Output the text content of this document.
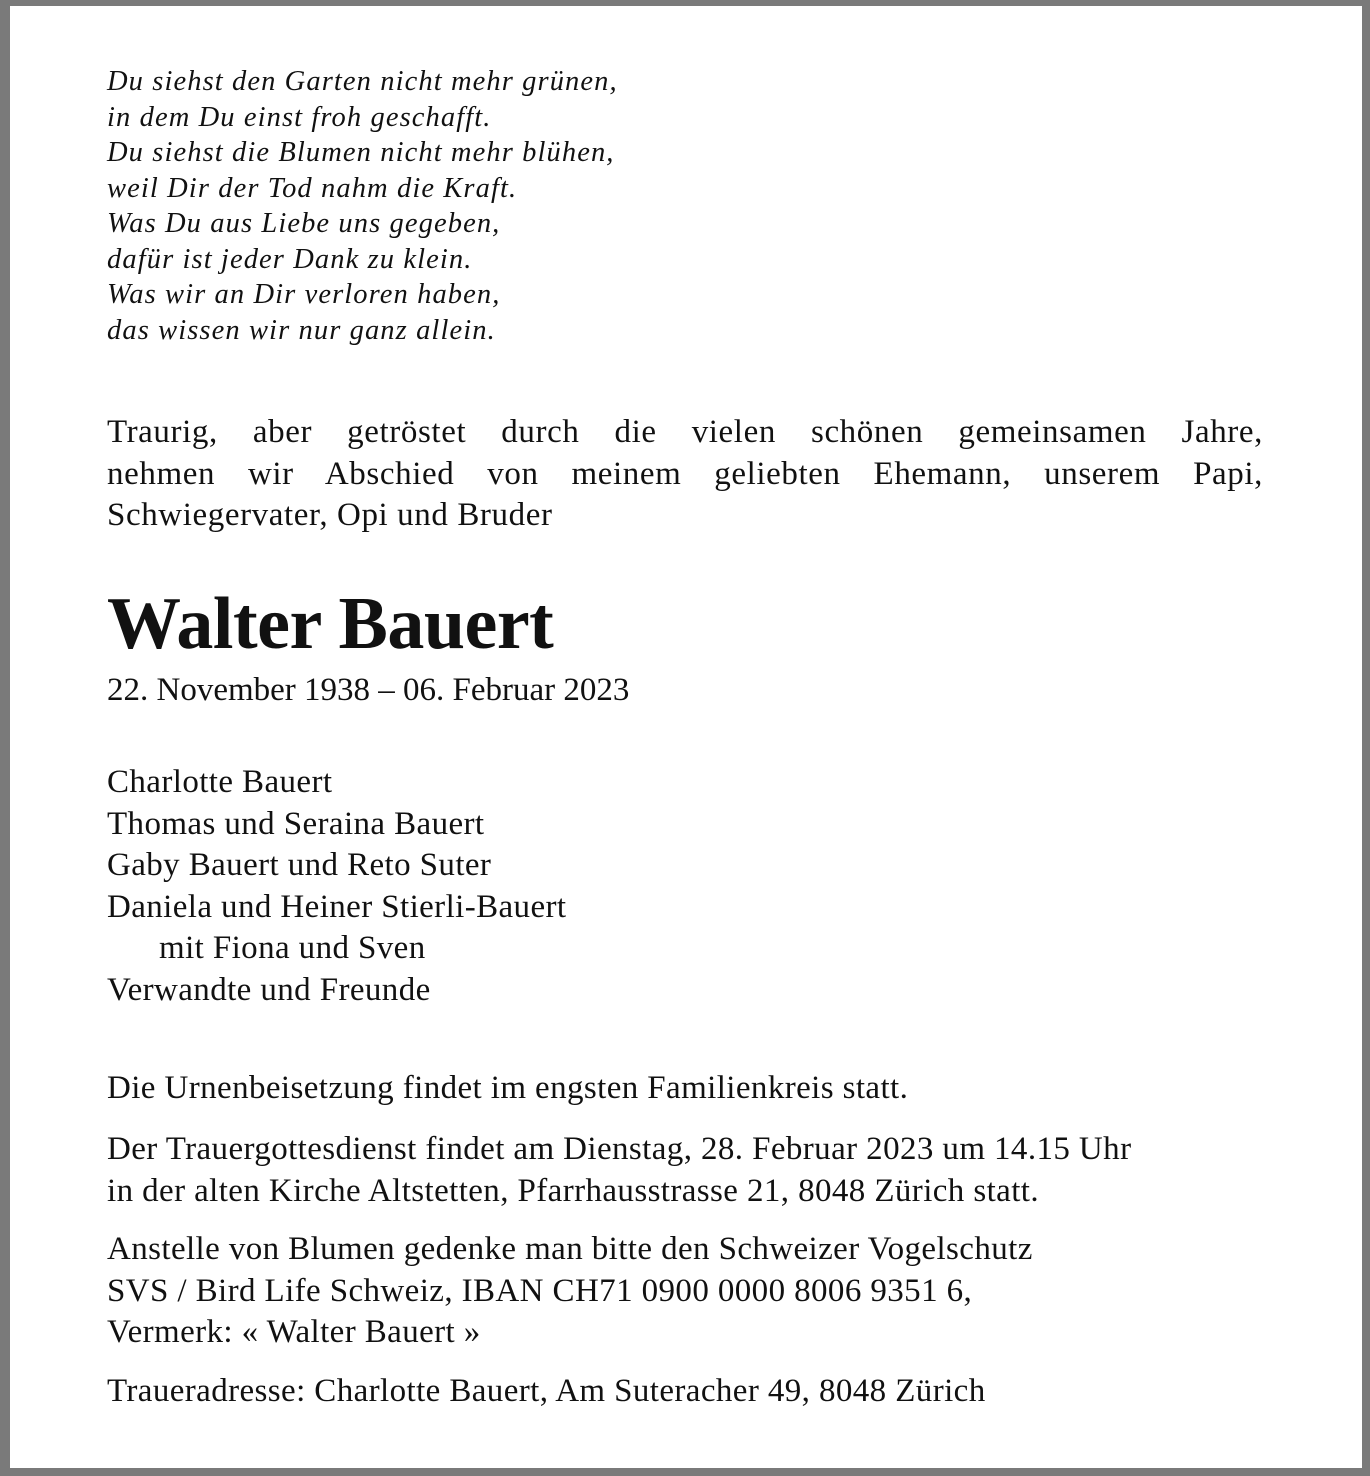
Du siehst den Garten nicht mehr grünen,
in dem Du einst froh geschafft.
Du siehst die Blumen nicht mehr blühen,
weil Dir der Tod nahm die Kraft.
Was Du aus Liebe uns gegeben,
dafür ist jeder Dank zu klein.
Was wir an Dir verloren haben,
das wissen wir nur ganz allein.
Traurig, aber getröstet durch die vielen schönen gemeinsamen Jahre,
nehmen wir Abschied von meinem geliebten Ehemann, unserem Papi,
Schwiegervater, Opi und Bruder
Walter Bauert
22. November 1938 – 06. Februar 2023
Charlotte Bauert
Thomas und Seraina Bauert
Gaby Bauert und Reto Suter
Daniela und Heiner Stierli-Bauert
mit Fiona und Sven
Verwandte und Freunde
Die Urnenbeisetzung findet im engsten Familienkreis statt.
Der Trauergottesdienst findet am Dienstag, 28. Februar 2023 um 14.15 Uhr
in der alten Kirche Altstetten, Pfarrhausstrasse 21, 8048 Zürich statt.
Anstelle von Blumen gedenke man bitte den Schweizer Vogelschutz
SVS / Bird Life Schweiz, IBAN CH71 0900 0000 8006 9351 6,
Vermerk: « Walter Bauert »
Traueradresse: Charlotte Bauert, Am Suteracher 49, 8048 Zürich
